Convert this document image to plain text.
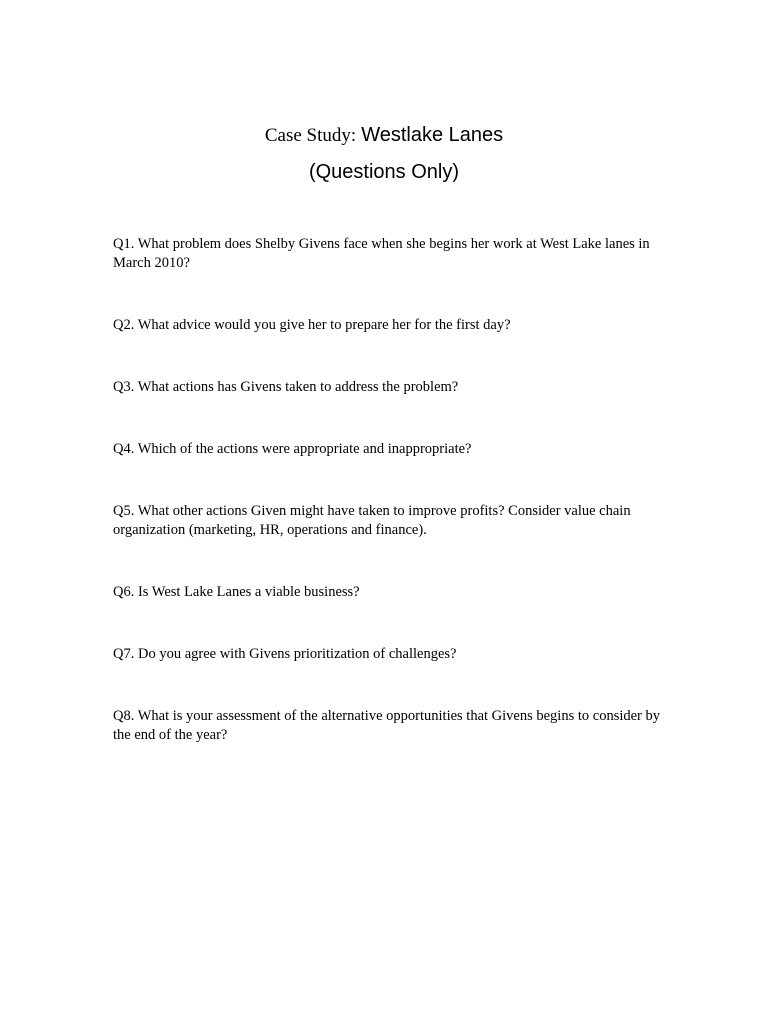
Case Study: Westlake Lanes
(Questions Only)

Q1. What problem does Shelby Givens face when she begins her work at West Lake lanes in March 2010?

Q2. What advice would you give her to prepare her for the first day?

Q3. What actions has Givens taken to address the problem?

Q4. Which of the actions were appropriate and inappropriate?

Q5. What other actions Given might have taken to improve profits? Consider value chain organization (marketing, HR, operations and finance).

Q6. Is West Lake Lanes a viable business?

Q7. Do you agree with Givens prioritization of challenges?

Q8. What is your assessment of the alternative opportunities that Givens begins to consider by the end of the year?
